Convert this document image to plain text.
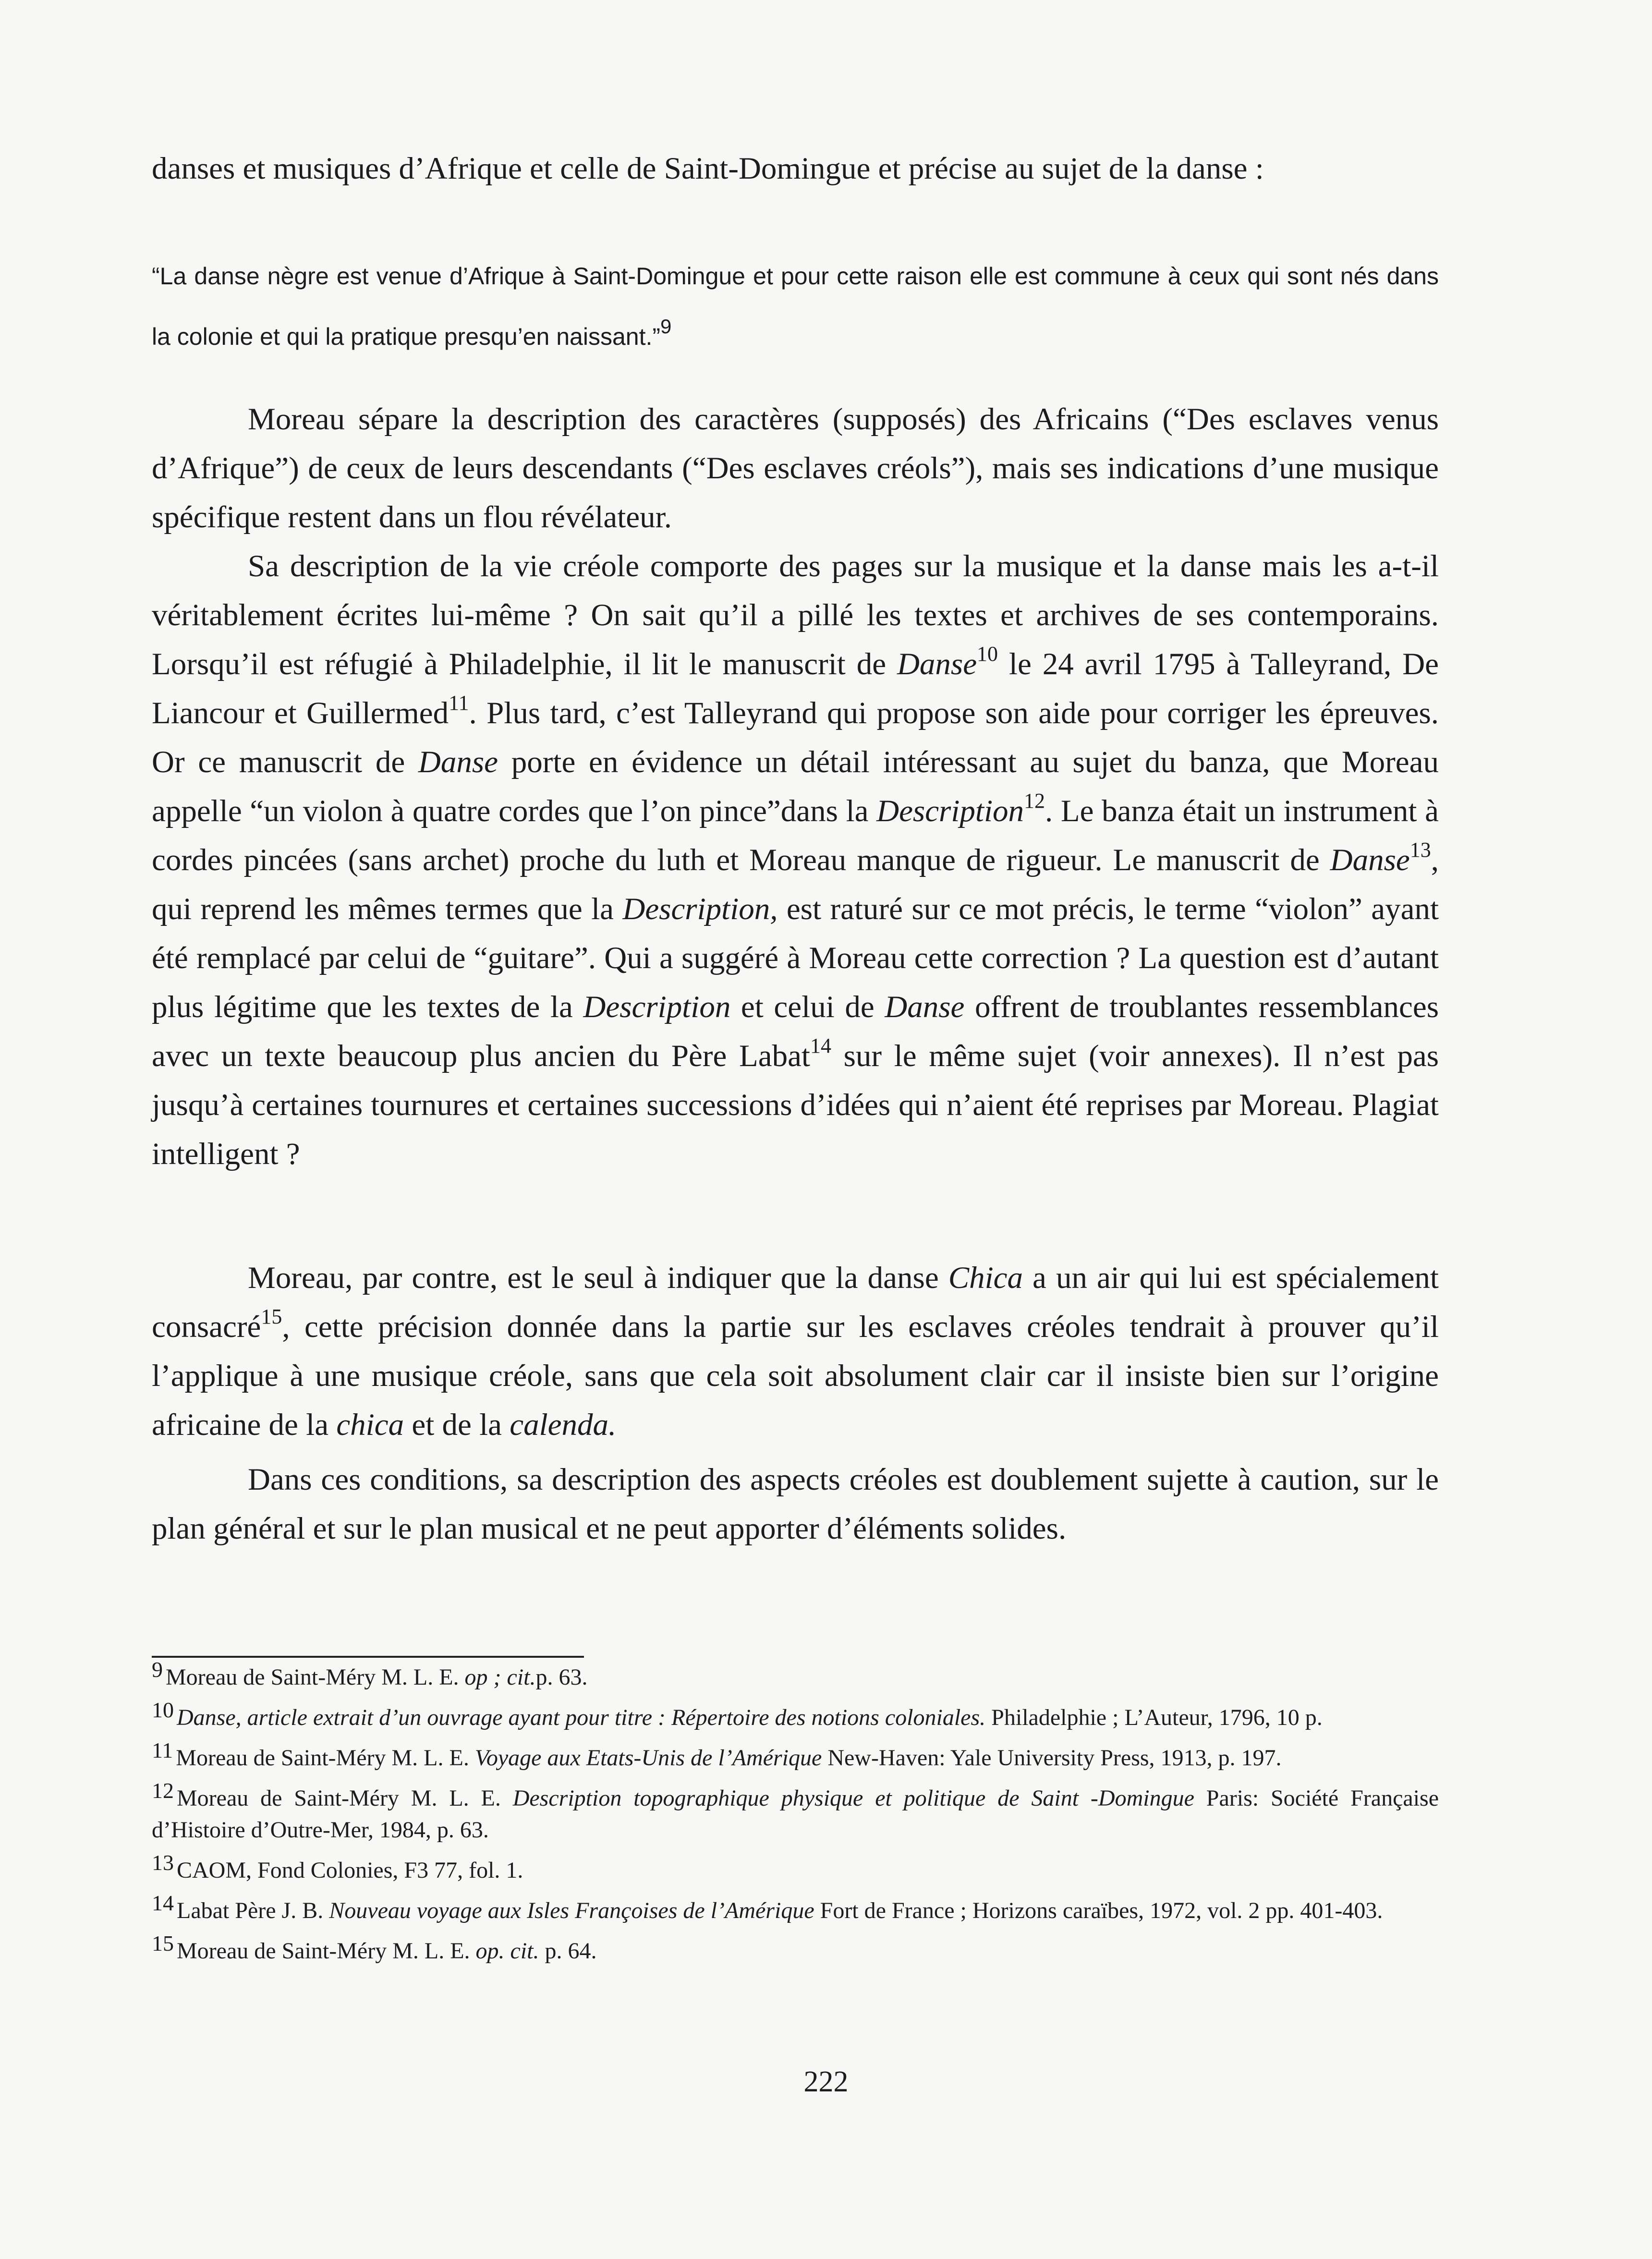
danses et musiques d’Afrique et celle de Saint-Domingue et précise au sujet de la danse :

“La danse nègre est venue d’Afrique à Saint-Domingue et pour cette raison elle est commune à ceux qui sont nés dans la colonie et qui la pratique presqu’en naissant.”$^9$

Moreau sépare la description des caractères (supposés) des Africains (“Des esclaves venus d’Afrique”) de ceux de leurs descendants (“Des esclaves créols”), mais ses indications d’une musique spécifique restent dans un flou révélateur.

Sa description de la vie créole comporte des pages sur la musique et la danse mais les a-t-il véritablement écrites lui-même ? On sait qu’il a pillé les textes et archives de ses contemporains. Lorsqu’il est réfugié à Philadelphie, il lit le manuscrit de Danse$^{10}$ le 24 avril 1795 à Talleyrand, De Liancour et Guillermed$^{11}$. Plus tard, c’est Talleyrand qui propose son aide pour corriger les épreuves. Or ce manuscrit de Danse porte en évidence un détail intéressant au sujet du banza, que Moreau appelle “un violon à quatre cordes que l’on pince”dans la Description$^{12}$. Le banza était un instrument à cordes pincées (sans archet) proche du luth et Moreau manque de rigueur. Le manuscrit de Danse$^{13}$, qui reprend les mêmes termes que la Description, est raturé sur ce mot précis, le terme “violon” ayant été remplacé par celui de “guitare”. Qui a suggéré à Moreau cette correction ? La question est d’autant plus légitime que les textes de la Description et celui de Danse offrent de troublantes ressemblances avec un texte beaucoup plus ancien du Père Labat$^{14}$ sur le même sujet (voir annexes). Il n’est pas jusqu’à certaines tournures et certaines successions d’idées qui n’aient été reprises par Moreau. Plagiat intelligent ?

Moreau, par contre, est le seul à indiquer que la danse Chica a un air qui lui est spécialement consacré$^{15}$, cette précision donnée dans la partie sur les esclaves créoles tendrait à prouver qu’il l’applique à une musique créole, sans que cela soit absolument clair car il insiste bien sur l’origine africaine de la chica et de la calenda.

Dans ces conditions, sa description des aspects créoles est doublement sujette à caution, sur le plan général et sur le plan musical et ne peut apporter d’éléments solides.

$^9$ Moreau de Saint-Méry M. L. E. op ; cit.p. 63.

$^{10}$ Danse, article extrait d’un ouvrage ayant pour titre : Répertoire des notions coloniales. Philadelphie ; L’Auteur, 1796, 10 p.

$^{11}$ Moreau de Saint-Méry M. L. E. Voyage aux Etats-Unis de l’Amérique New-Haven: Yale University Press, 1913, p. 197.

$^{12}$ Moreau de Saint-Méry M. L. E. Description topographique physique et politique de Saint -Domingue Paris: Société Française d’Histoire d’Outre-Mer, 1984, p. 63.

$^{13}$ CAOM, Fond Colonies, F3 77, fol. 1.

$^{14}$ Labat Père J. B. Nouveau voyage aux Isles Françoises de l’Amérique Fort de France ; Horizons caraïbes, 1972, vol. 2 pp. 401-403.

$^{15}$ Moreau de Saint-Méry M. L. E. op. cit. p. 64.

222
